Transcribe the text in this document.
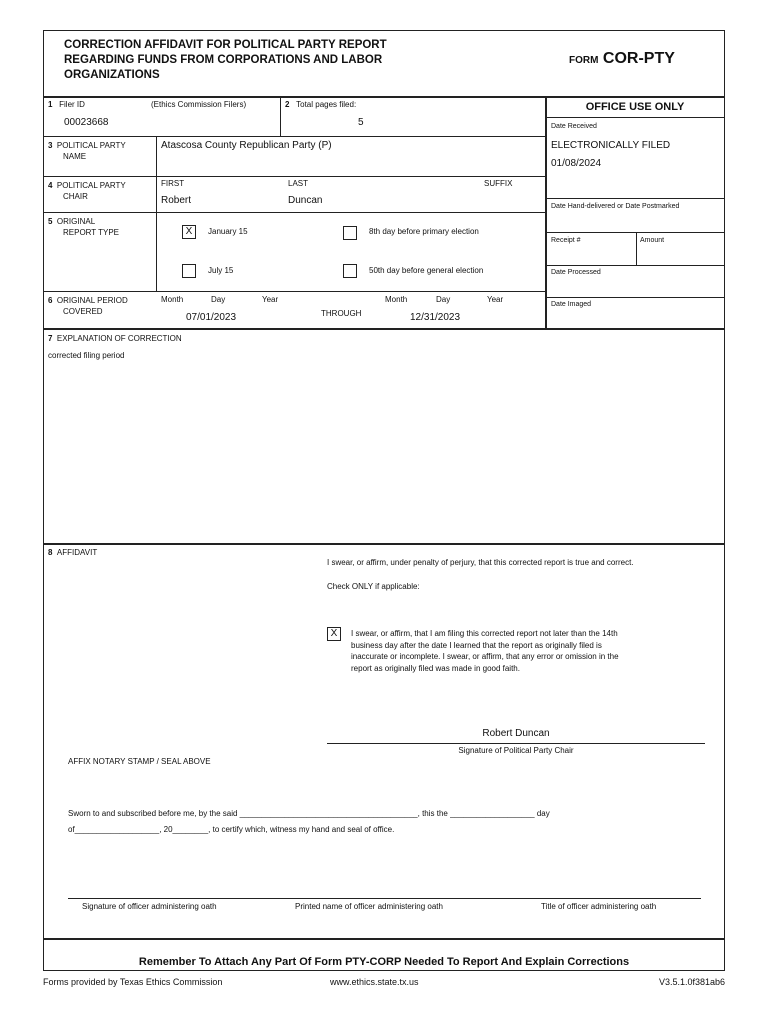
CORRECTION AFFIDAVIT FOR POLITICAL PARTY REPORT
REGARDING FUNDS FROM CORPORATIONS AND LABOR
ORGANIZATIONS
FORM COR-PTY
1 Filer ID	(Ethics Commission Filers)
00023668
2 Total pages filed:
5
3 POLITICAL PARTY
NAME
Atascosa County Republican Party (P)
4 POLITICAL PARTY
CHAIR
FIRST	LAST	SUFFIX
Robert	Duncan
5 ORIGINAL
REPORT TYPE	X	January 15	8th day before primary election
July 15	50th day before general election
6 ORIGINAL PERIOD
COVERED
Month	Day	Year
07/01/2023	THROUGH
Month	Day	Year
12/31/2023
OFFICE USE ONLY
Date Received
ELECTRONICALLY FILED
01/08/2024
Date Hand-delivered or Date Postmarked
Receipt #	Amount
Date Processed
Date Imaged
7 EXPLANATION OF CORRECTION
corrected filing period
8 AFFIDAVIT
I swear, or affirm, under penalty of perjury, that this corrected report is true and correct.
Check ONLY if applicable:
X	I swear, or affirm, that I am filing this corrected report not later than the 14th
business day after the date I learned that the report as originally filed is
inaccurate or incomplete. I swear, or affirm, that any error or omission in the
report as originally filed was made in good faith.
Robert Duncan
Signature of Political Party Chair
AFFIX NOTARY STAMP / SEAL ABOVE
Sworn to and subscribed before me, by the said ________________________________________, this the ___________________ day
of___________________, 20________, to certify which, witness my hand and seal of office.
Signature of officer administering oath	Printed name of officer administering oath	Title of officer administering oath
Remember To Attach Any Part Of Form PTY-CORP Needed To Report And Explain Corrections
Forms provided by Texas Ethics Commission	www.ethics.state.tx.us	V3.5.1.0f381ab6
